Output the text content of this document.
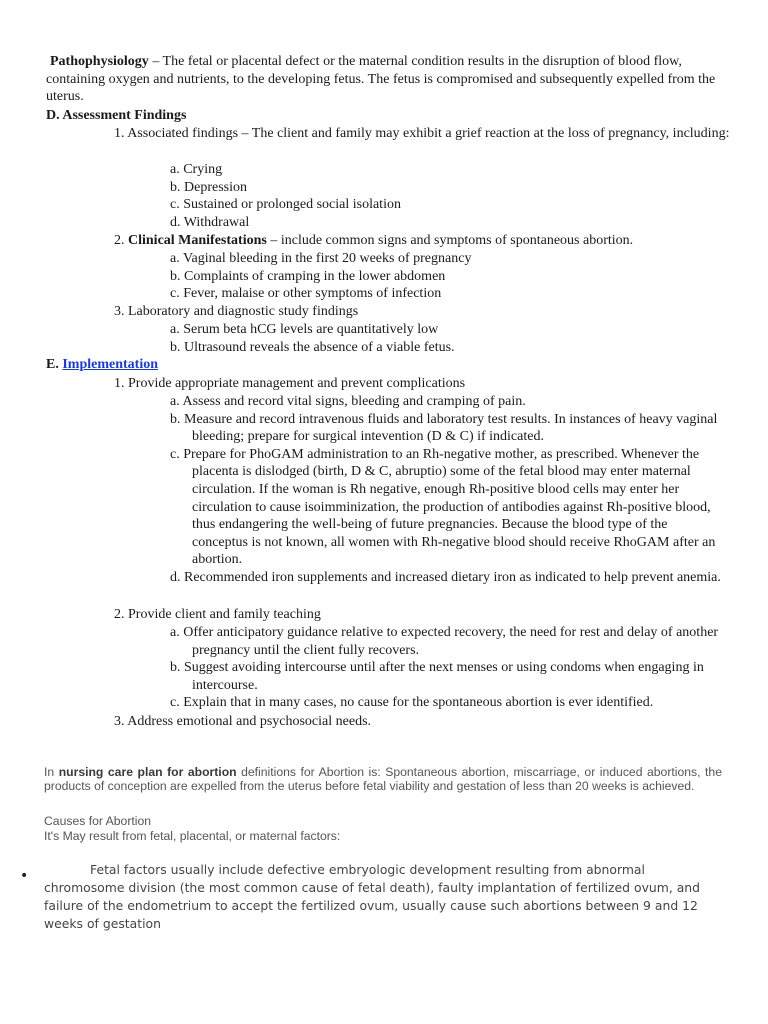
Pathophysiology – The fetal or placental defect or the maternal condition results in the disruption of blood flow, containing oxygen and nutrients, to the developing fetus. The fetus is compromised and subsequently expelled from the uterus.
D. Assessment Findings
1. Associated findings – The client and family may exhibit a grief reaction at the loss of pregnancy, including:
a. Crying
b. Depression
c. Sustained or prolonged social isolation
d. Withdrawal
2. Clinical Manifestations – include common signs and symptoms of spontaneous abortion.
a. Vaginal bleeding in the first 20 weeks of pregnancy
b. Complaints of cramping in the lower abdomen
c. Fever, malaise or other symptoms of infection
3. Laboratory and diagnostic study findings
a. Serum beta hCG levels are quantitatively low
b. Ultrasound reveals the absence of a viable fetus.
E. Implementation
1. Provide appropriate management and prevent complications
a. Assess and record vital signs, bleeding and cramping of pain.
b. Measure and record intravenous fluids and laboratory test results. In instances of heavy vaginal bleeding; prepare for surgical intevention (D & C) if indicated.
c. Prepare for PhoGAM administration to an Rh-negative mother, as prescribed. Whenever the placenta is dislodged (birth, D & C, abruptio) some of the fetal blood may enter maternal circulation. If the woman is Rh negative, enough Rh-positive blood cells may enter her circulation to cause isoimminization, the production of antibodies against Rh-positive blood, thus endangering the well-being of future pregnancies. Because the blood type of the conceptus is not known, all women with Rh-negative blood should receive RhoGAM after an abortion.
d. Recommended iron supplements and increased dietary iron as indicated to help prevent anemia.
2. Provide client and family teaching
a. Offer anticipatory guidance relative to expected recovery, the need for rest and delay of another pregnancy until the client fully recovers.
b. Suggest avoiding intercourse until after the next menses or using condoms when engaging in intercourse.
c. Explain that in many cases, no cause for the spontaneous abortion is ever identified.
3. Address emotional and psychosocial needs.
In nursing care plan for abortion definitions for Abortion is: Spontaneous abortion, miscarriage, or induced abortions, the products of conception are expelled from the uterus before fetal viability and gestation of less than 20 weeks is achieved.
Causes for Abortion
It's May result from fetal, placental, or maternal factors:
•	Fetal factors usually include defective embryologic development resulting from abnormal chromosome division (the most common cause of fetal death), faulty implantation of fertilized ovum, and failure of the endometrium to accept the fertilized ovum, usually cause such abortions between 9 and 12 weeks of gestation
